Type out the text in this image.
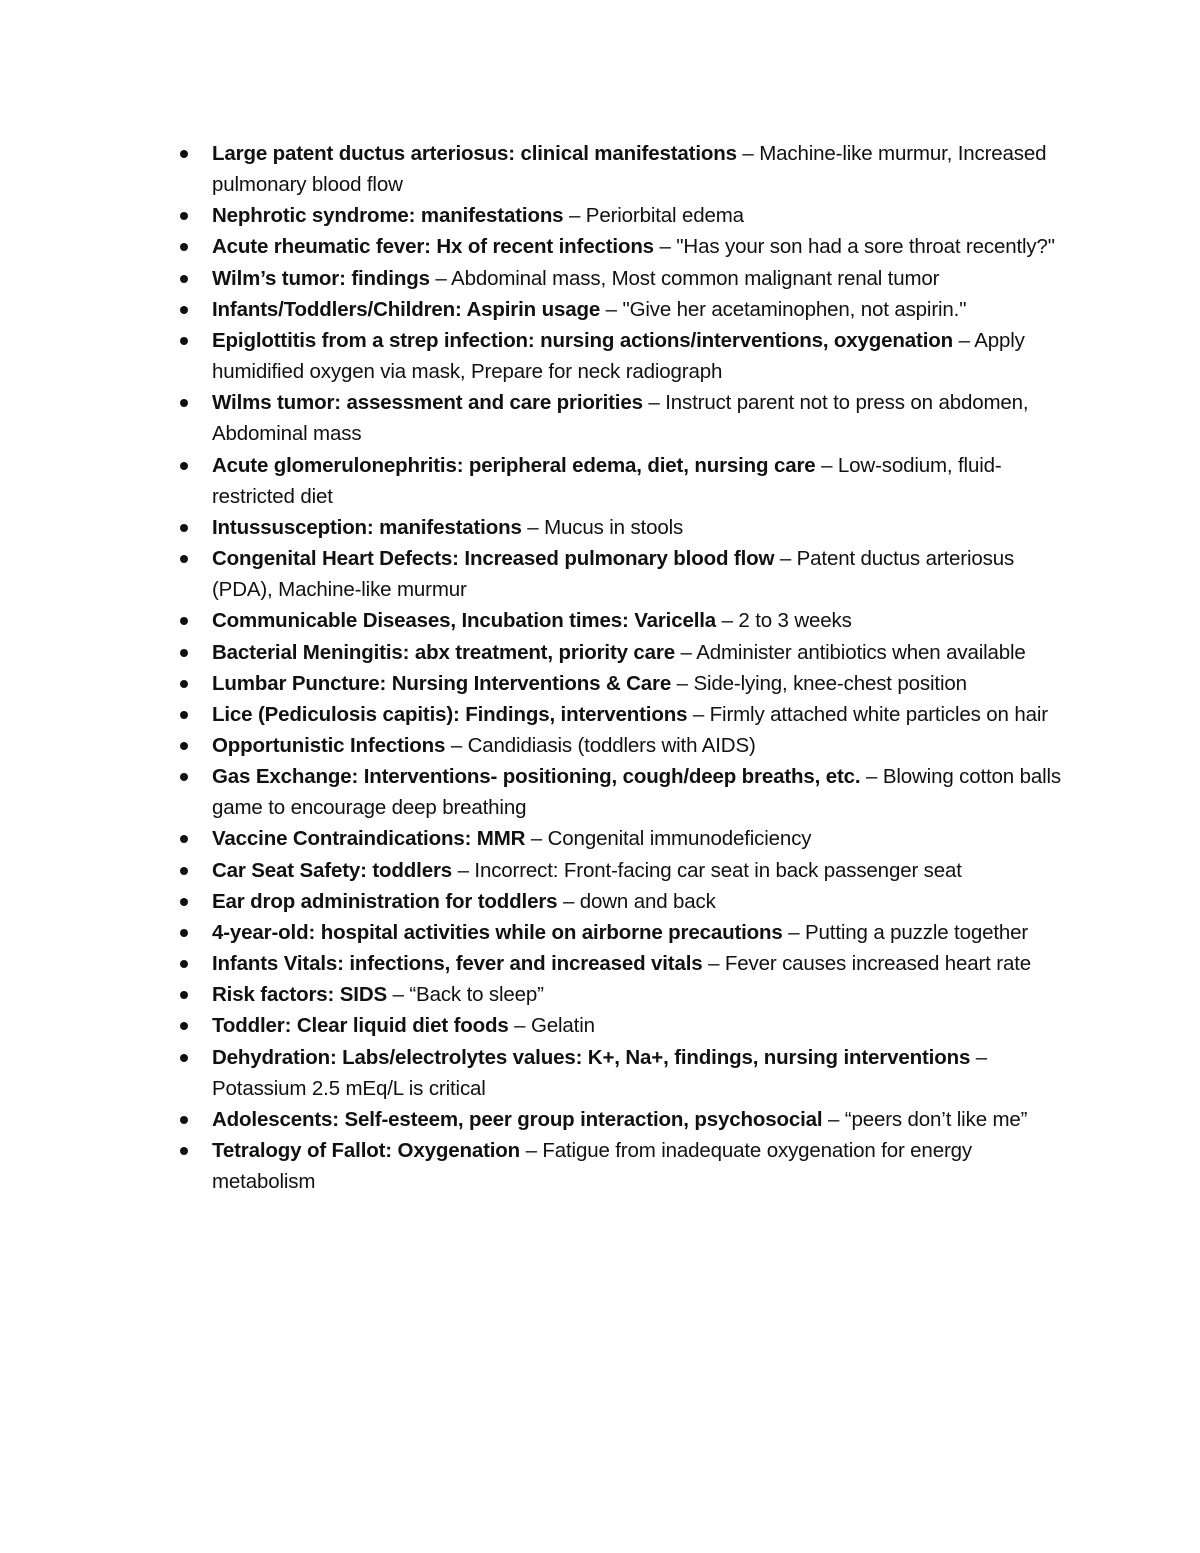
Large patent ductus arteriosus: clinical manifestations – Machine-like murmur, Increased pulmonary blood flow
Nephrotic syndrome: manifestations – Periorbital edema
Acute rheumatic fever: Hx of recent infections – "Has your son had a sore throat recently?"
Wilm’s tumor: findings – Abdominal mass, Most common malignant renal tumor
Infants/Toddlers/Children: Aspirin usage – "Give her acetaminophen, not aspirin."
Epiglottitis from a strep infection: nursing actions/interventions, oxygenation – Apply humidified oxygen via mask, Prepare for neck radiograph
Wilms tumor: assessment and care priorities – Instruct parent not to press on abdomen, Abdominal mass
Acute glomerulonephritis: peripheral edema, diet, nursing care – Low-sodium, fluid-restricted diet
Intussusception: manifestations – Mucus in stools
Congenital Heart Defects: Increased pulmonary blood flow – Patent ductus arteriosus (PDA), Machine-like murmur
Communicable Diseases, Incubation times: Varicella – 2 to 3 weeks
Bacterial Meningitis: abx treatment, priority care – Administer antibiotics when available
Lumbar Puncture: Nursing Interventions & Care – Side-lying, knee-chest position
Lice (Pediculosis capitis): Findings, interventions – Firmly attached white particles on hair
Opportunistic Infections – Candidiasis (toddlers with AIDS)
Gas Exchange: Interventions- positioning, cough/deep breaths, etc. – Blowing cotton balls game to encourage deep breathing
Vaccine Contraindications: MMR – Congenital immunodeficiency
Car Seat Safety: toddlers – Incorrect: Front-facing car seat in back passenger seat
Ear drop administration for toddlers – down and back
4-year-old: hospital activities while on airborne precautions – Putting a puzzle together
Infants Vitals: infections, fever and increased vitals – Fever causes increased heart rate
Risk factors: SIDS – “Back to sleep”
Toddler: Clear liquid diet foods – Gelatin
Dehydration: Labs/electrolytes values: K+, Na+, findings, nursing interventions – Potassium 2.5 mEq/L is critical
Adolescents: Self-esteem, peer group interaction, psychosocial – “peers don’t like me”
Tetralogy of Fallot: Oxygenation – Fatigue from inadequate oxygenation for energy metabolism
